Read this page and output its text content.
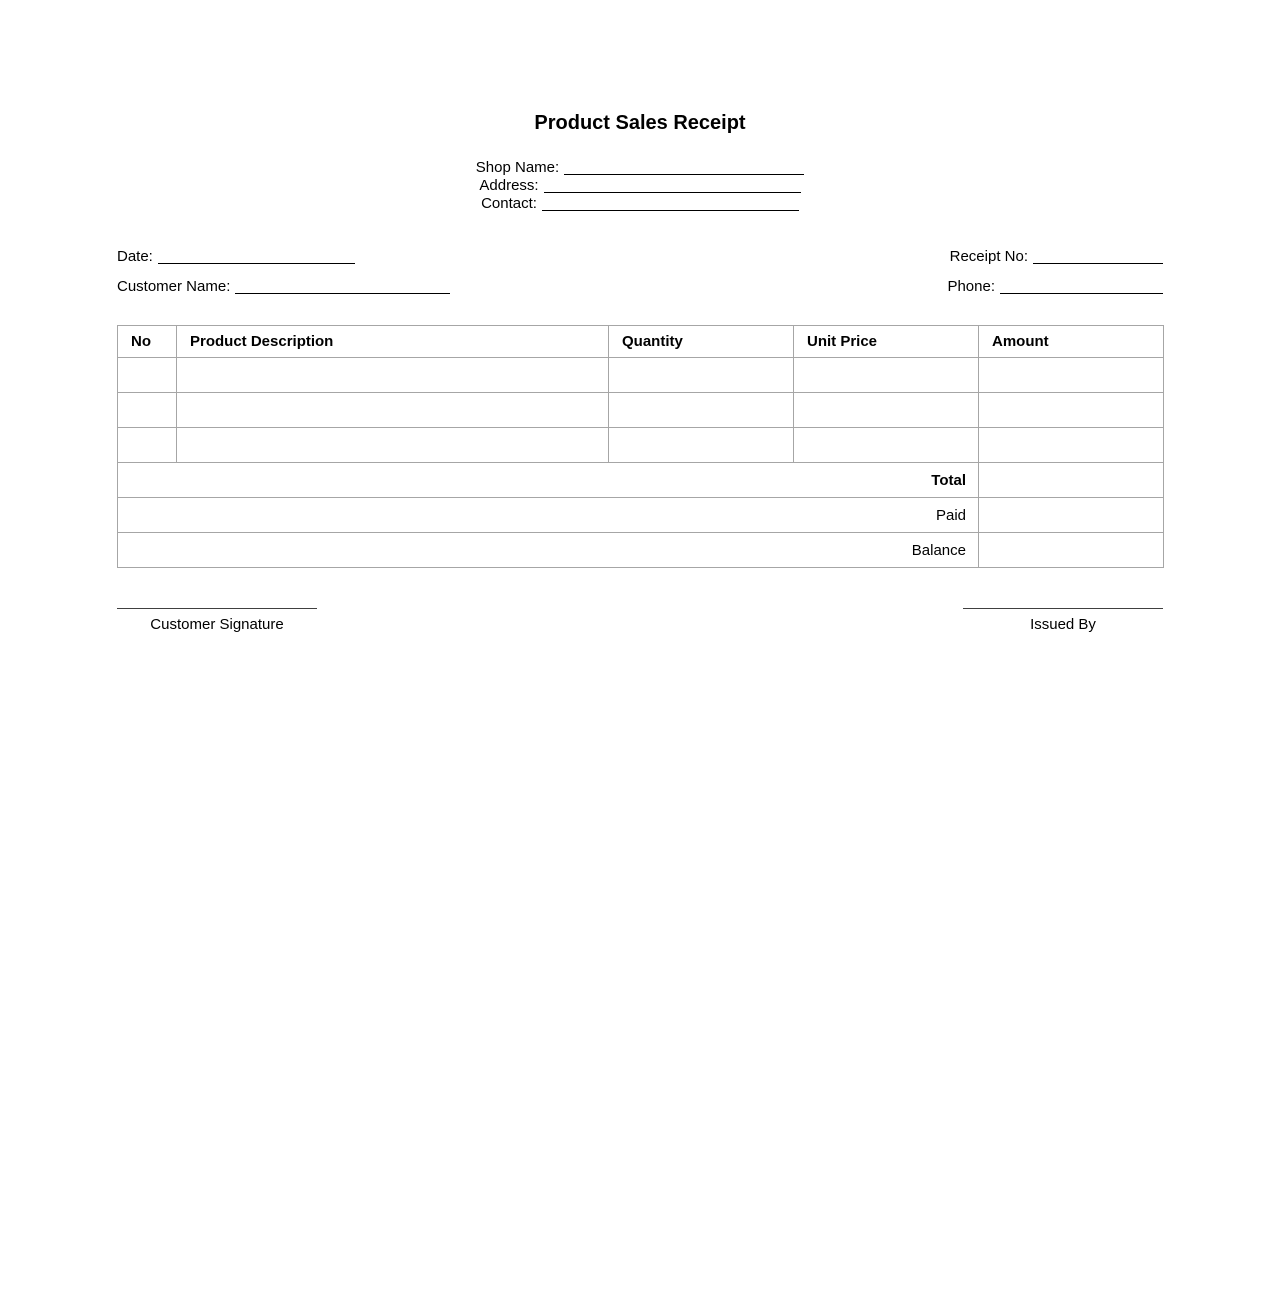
Product Sales Receipt
Shop Name:
Address:
Contact:
Date:	Receipt No:
Customer Name:	Phone:
No	Product Description	Quantity	Unit Price	Amount

Total				
Paid				
Balance				
Customer Signature	Issued By
